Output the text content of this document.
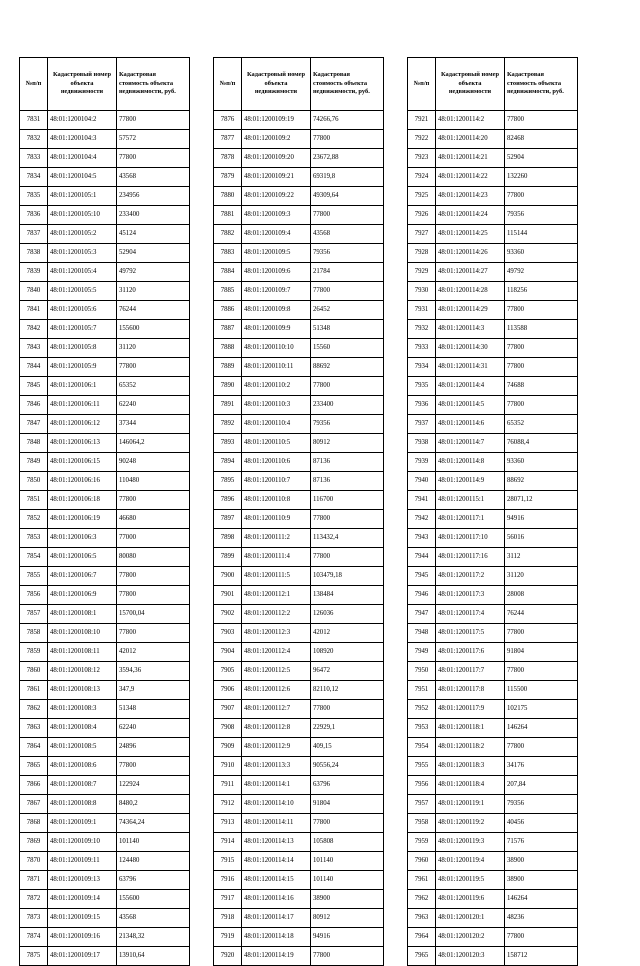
№п/п	Кадастровый номер объекта недвижимости	Кадастровая стоимость объекта недвижимости, руб.
7831	48:01:1200104:2	77800
7832	48:01:1200104:3	57572
7833	48:01:1200104:4	77800
7834	48:01:1200104:5	43568
7835	48:01:1200105:1	234956
7836	48:01:1200105:10	233400
7837	48:01:1200105:2	45124
7838	48:01:1200105:3	52904
7839	48:01:1200105:4	49792
7840	48:01:1200105:5	31120
7841	48:01:1200105:6	76244
7842	48:01:1200105:7	155600
7843	48:01:1200105:8	31120
7844	48:01:1200105:9	77800
7845	48:01:1200106:1	65352
7846	48:01:1200106:11	62240
7847	48:01:1200106:12	37344
7848	48:01:1200106:13	146064,2
7849	48:01:1200106:15	90248
7850	48:01:1200106:16	110480
7851	48:01:1200106:18	77800
7852	48:01:1200106:19	46680
7853	48:01:1200106:3	77000
7854	48:01:1200106:5	80080
7855	48:01:1200106:7	77800
7856	48:01:1200106:9	77800
7857	48:01:1200108:1	15700,04
7858	48:01:1200108:10	77800
7859	48:01:1200108:11	42012
7860	48:01:1200108:12	3594,36
7861	48:01:1200108:13	347,9
7862	48:01:1200108:3	51348
7863	48:01:1200108:4	62240
7864	48:01:1200108:5	24896
7865	48:01:1200108:6	77800
7866	48:01:1200108:7	122924
7867	48:01:1200108:8	8480,2
7868	48:01:1200109:1	74364,24
7869	48:01:1200109:10	101140
7870	48:01:1200109:11	124480
7871	48:01:1200109:13	63796
7872	48:01:1200109:14	155600
7873	48:01:1200109:15	43568
7874	48:01:1200109:16	21348,32
7875	48:01:1200109:17	13910,64
№п/п	Кадастровый номер объекта недвижимости	Кадастровая стоимость объекта недвижимости, руб.
7876	48:01:1200109:19	74266,76
7877	48:01:1200109:2	77800
7878	48:01:1200109:20	23672,88
7879	48:01:1200109:21	69319,8
7880	48:01:1200109:22	49309,64
7881	48:01:1200109:3	77800
7882	48:01:1200109:4	43568
7883	48:01:1200109:5	79356
7884	48:01:1200109:6	21784
7885	48:01:1200109:7	77800
7886	48:01:1200109:8	26452
7887	48:01:1200109:9	51348
7888	48:01:1200110:10	15560
7889	48:01:1200110:11	88692
7890	48:01:1200110:2	77800
7891	48:01:1200110:3	233400
7892	48:01:1200110:4	79356
7893	48:01:1200110:5	80912
7894	48:01:1200110:6	87136
7895	48:01:1200110:7	87136
7896	48:01:1200110:8	116700
7897	48:01:1200110:9	77800
7898	48:01:1200111:2	113432,4
7899	48:01:1200111:4	77800
7900	48:01:1200111:5	103479,18
7901	48:01:1200112:1	138484
7902	48:01:1200112:2	126036
7903	48:01:1200112:3	42012
7904	48:01:1200112:4	108920
7905	48:01:1200112:5	96472
7906	48:01:1200112:6	82110,12
7907	48:01:1200112:7	77800
7908	48:01:1200112:8	22929,1
7909	48:01:1200112:9	409,15
7910	48:01:1200113:3	90556,24
7911	48:01:1200114:1	63796
7912	48:01:1200114:10	91804
7913	48:01:1200114:11	77800
7914	48:01:1200114:13	105808
7915	48:01:1200114:14	101140
7916	48:01:1200114:15	101140
7917	48:01:1200114:16	38900
7918	48:01:1200114:17	80912
7919	48:01:1200114:18	94916
7920	48:01:1200114:19	77800
№п/п	Кадастровый номер объекта недвижимости	Кадастровая стоимость объекта недвижимости, руб.
7921	48:01:1200114:2	77800
7922	48:01:1200114:20	82468
7923	48:01:1200114:21	52904
7924	48:01:1200114:22	132260
7925	48:01:1200114:23	77800
7926	48:01:1200114:24	79356
7927	48:01:1200114:25	115144
7928	48:01:1200114:26	93360
7929	48:01:1200114:27	49792
7930	48:01:1200114:28	118256
7931	48:01:1200114:29	77800
7932	48:01:1200114:3	113588
7933	48:01:1200114:30	77800
7934	48:01:1200114:31	77800
7935	48:01:1200114:4	74688
7936	48:01:1200114:5	77800
7937	48:01:1200114:6	65352
7938	48:01:1200114:7	76088,4
7939	48:01:1200114:8	93360
7940	48:01:1200114:9	88692
7941	48:01:1200115:1	28071,12
7942	48:01:1200117:1	94916
7943	48:01:1200117:10	56016
7944	48:01:1200117:16	3112
7945	48:01:1200117:2	31120
7946	48:01:1200117:3	28008
7947	48:01:1200117:4	76244
7948	48:01:1200117:5	77800
7949	48:01:1200117:6	91804
7950	48:01:1200117:7	77800
7951	48:01:1200117:8	115500
7952	48:01:1200117:9	102175
7953	48:01:1200118:1	146264
7954	48:01:1200118:2	77800
7955	48:01:1200118:3	34176
7956	48:01:1200118:4	207,84
7957	48:01:1200119:1	79356
7958	48:01:1200119:2	40456
7959	48:01:1200119:3	71576
7960	48:01:1200119:4	38900
7961	48:01:1200119:5	38900
7962	48:01:1200119:6	146264
7963	48:01:1200120:1	48236
7964	48:01:1200120:2	77800
7965	48:01:1200120:3	158712
